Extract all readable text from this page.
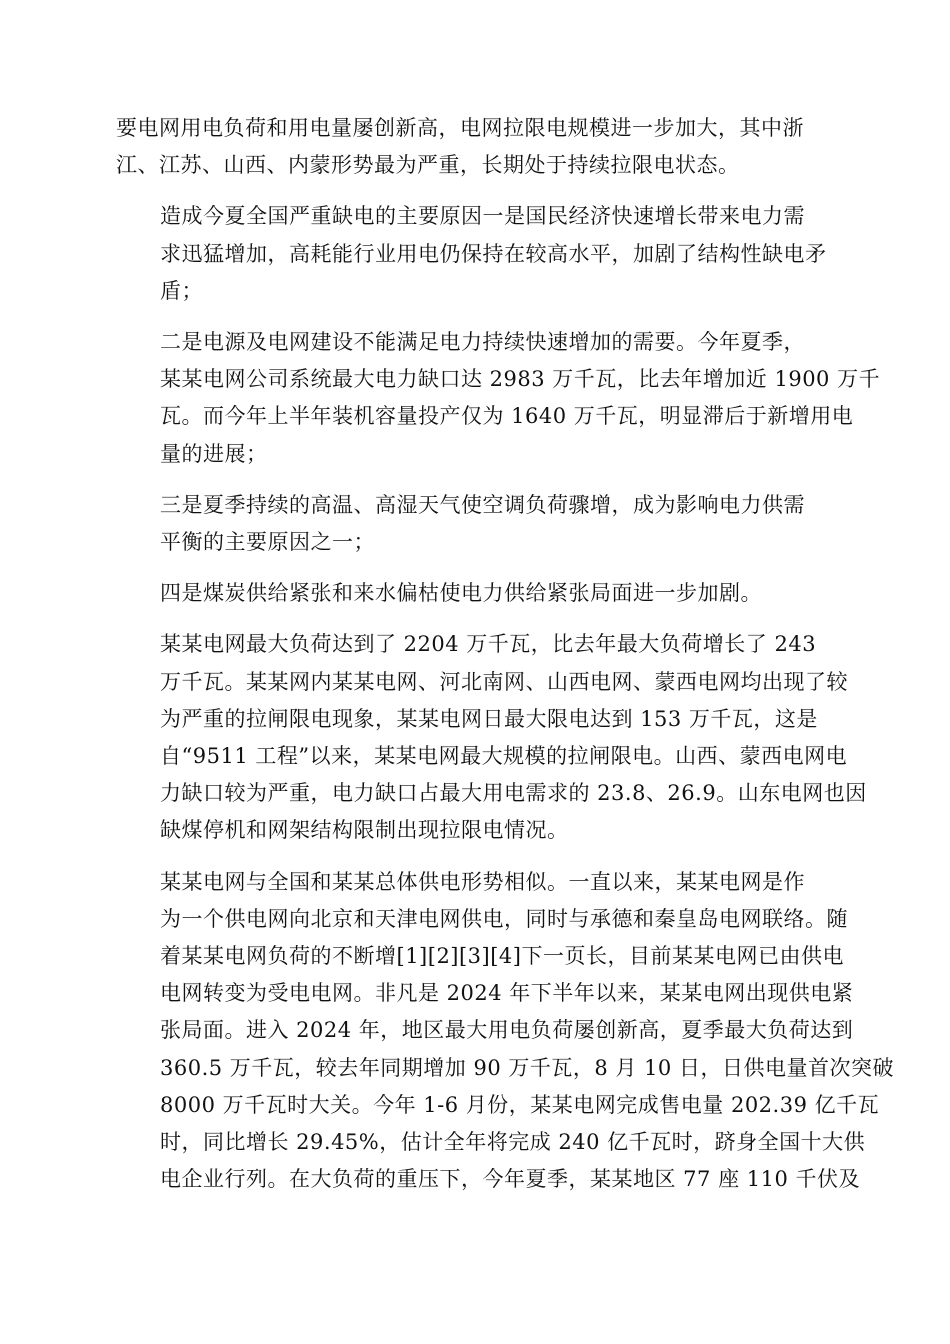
要电网用电负荷和用电量屡创新高，电网拉限电规模进一步加大，其中浙
江、江苏、山西、内蒙形势最为严重，长期处于持续拉限电状态。
造成今夏全国严重缺电的主要原因一是国民经济快速增长带来电力需
求迅猛增加，高耗能行业用电仍保持在较高水平，加剧了结构性缺电矛
盾；
二是电源及电网建设不能满足电力持续快速增加的需要。今年夏季，
某某电网公司系统最大电力缺口达 2983 万千瓦，比去年增加近 1900 万千
瓦。而今年上半年装机容量投产仅为 1640 万千瓦，明显滞后于新增用电
量的进展；
三是夏季持续的高温、高湿天气使空调负荷骤增，成为影响电力供需
平衡的主要原因之一；
四是煤炭供给紧张和来水偏枯使电力供给紧张局面进一步加剧。
某某电网最大负荷达到了 2204 万千瓦，比去年最大负荷增长了 243
万千瓦。某某网内某某电网、河北南网、山西电网、蒙西电网均出现了较
为严重的拉闸限电现象，某某电网日最大限电达到 153 万千瓦，这是
自“9511 工程”以来，某某电网最大规模的拉闸限电。山西、蒙西电网电
力缺口较为严重，电力缺口占最大用电需求的 23.8、26.9。山东电网也因
缺煤停机和网架结构限制出现拉限电情况。
某某电网与全国和某某总体供电形势相似。一直以来，某某电网是作
为一个供电网向北京和天津电网供电，同时与承德和秦皇岛电网联络。随
着某某电网负荷的不断增[1][2][3][4]下一页长，目前某某电网已由供电
电网转变为受电电网。非凡是 2024 年下半年以来，某某电网出现供电紧
张局面。进入 2024 年，地区最大用电负荷屡创新高，夏季最大负荷达到
360.5 万千瓦，较去年同期增加 90 万千瓦，8 月 10 日，日供电量首次突破
8000 万千瓦时大关。今年 1-6 月份，某某电网完成售电量 202.39 亿千瓦
时，同比增长 29.45%，估计全年将完成 240 亿千瓦时，跻身全国十大供
电企业行列。在大负荷的重压下，今年夏季，某某地区 77 座 110 千伏及
